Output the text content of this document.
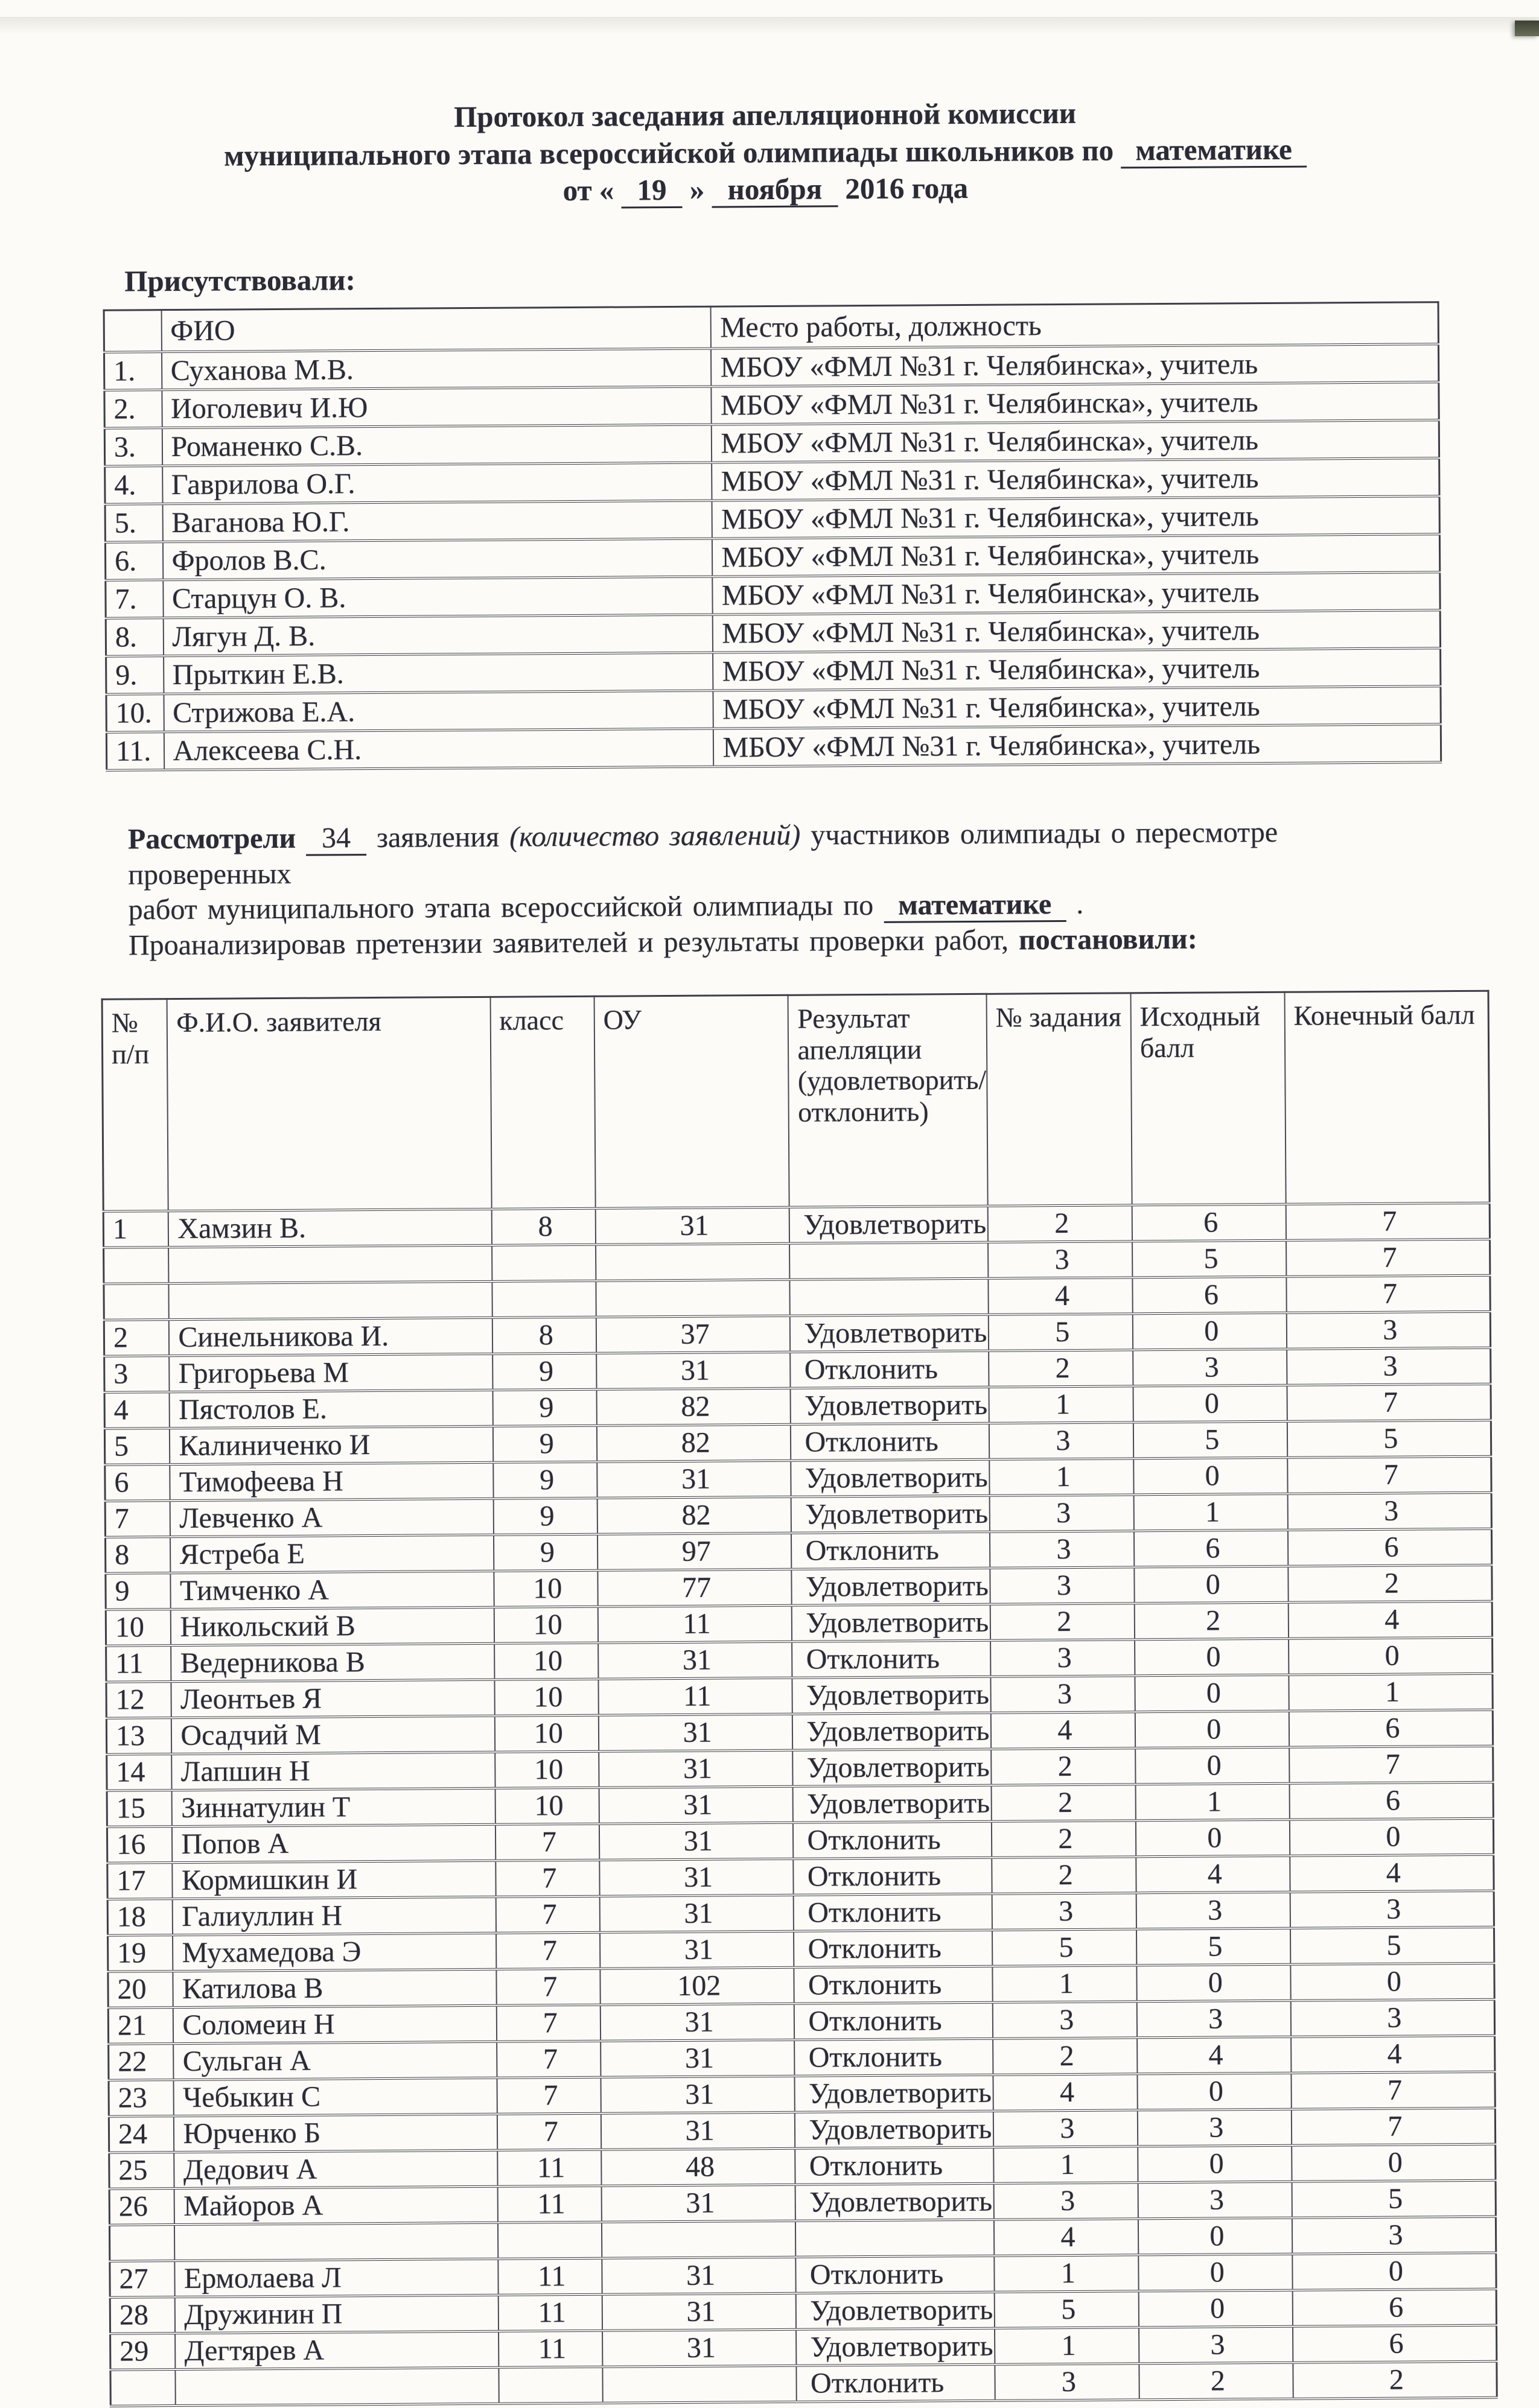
Протокол заседания апелляционной комиссии
муниципального этапа всероссийской олимпиады школьников по математике
от « 19 » ноября 2016 года
Присутствовали:
	ФИО	Место работы, должность
1.	Суханова М.В.	МБОУ «ФМЛ №31 г. Челябинска», учитель
2.	Иоголевич И.Ю	МБОУ «ФМЛ №31 г. Челябинска», учитель
3.	Романенко С.В.	МБОУ «ФМЛ №31 г. Челябинска», учитель
4.	Гаврилова О.Г.	МБОУ «ФМЛ №31 г. Челябинска», учитель
5.	Ваганова Ю.Г.	МБОУ «ФМЛ №31 г. Челябинска», учитель
6.	Фролов В.С.	МБОУ «ФМЛ №31 г. Челябинска», учитель
7.	Старцун О. В.	МБОУ «ФМЛ №31 г. Челябинска», учитель
8.	Лягун Д. В.	МБОУ «ФМЛ №31 г. Челябинска», учитель
9.	Прыткин Е.В.	МБОУ «ФМЛ №31 г. Челябинска», учитель
10.	Стрижова Е.А.	МБОУ «ФМЛ №31 г. Челябинска», учитель
11.	Алексеева С.Н.	МБОУ «ФМЛ №31 г. Челябинска», учитель
Рассмотрели 34 заявления (количество заявлений) участников олимпиады о пересмотре проверенных
работ муниципального этапа всероссийской олимпиады по математике .
Проанализировав претензии заявителей и результаты проверки работ, постановили:
№ п/п	Ф.И.О. заявителя	класс	ОУ	Результат апелляции (удовлетворить/ отклонить)	№ задания	Исходный балл	Конечный балл
1	Хамзин В.	8	31	Удовлетворить	2	6	7
					3	5	7
					4	6	7
2	Синельникова И.	8	37	Удовлетворить	5	0	3
3	Григорьева М	9	31	Отклонить	2	3	3
4	Пястолов Е.	9	82	Удовлетворить	1	0	7
5	Калиниченко И	9	82	Отклонить	3	5	5
6	Тимофеева Н	9	31	Удовлетворить	1	0	7
7	Левченко А	9	82	Удовлетворить	3	1	3
8	Ястреба Е	9	97	Отклонить	3	6	6
9	Тимченко А	10	77	Удовлетворить	3	0	2
10	Никольский В	10	11	Удовлетворить	2	2	4
11	Ведерникова В	10	31	Отклонить	3	0	0
12	Леонтьев Я	10	11	Удовлетворить	3	0	1
13	Осадчий М	10	31	Удовлетворить	4	0	6
14	Лапшин Н	10	31	Удовлетворить	2	0	7
15	Зиннатулин Т	10	31	Удовлетворить	2	1	6
16	Попов А	7	31	Отклонить	2	0	0
17	Кормишкин И	7	31	Отклонить	2	4	4
18	Галиуллин Н	7	31	Отклонить	3	3	3
19	Мухамедова Э	7	31	Отклонить	5	5	5
20	Катилова В	7	102	Отклонить	1	0	0
21	Соломеин Н	7	31	Отклонить	3	3	3
22	Сульган А	7	31	Отклонить	2	4	4
23	Чебыкин С	7	31	Удовлетворить	4	0	7
24	Юрченко Б	7	31	Удовлетворить	3	3	7
25	Дедович А	11	48	Отклонить	1	0	0
26	Майоров А	11	31	Удовлетворить	3	3	5
					4	0	3
27	Ермолаева Л	11	31	Отклонить	1	0	0
28	Дружинин П	11	31	Удовлетворить	5	0	6
29	Дегтярев А	11	31	Удовлетворить	1	3	6
				Отклонить	3	2	2
